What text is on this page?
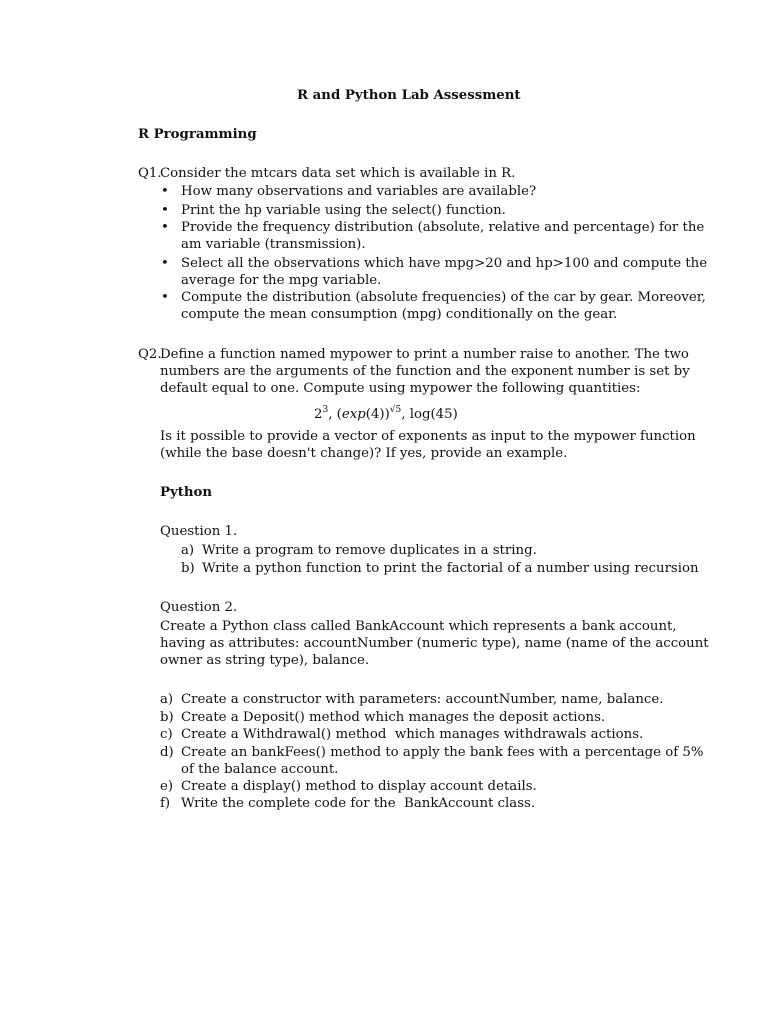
R and Python Lab Assessment
R Programming
Q1.
Consider the mtcars data set which is available in R.
• How many observations and variables are available?
• Print the hp variable using the select() function.
• Provide the frequency distribution (absolute, relative and percentage) for the
am variable (transmission).
• Select all the observations which have mpg>20 and hp>100 and compute the
average for the mpg variable.
• Compute the distribution (absolute frequencies) of the car by gear. Moreover,
compute the mean consumption (mpg) conditionally on the gear.
Q2.
Define a function named mypower to print a number raise to another. The two
numbers are the arguments of the function and the exponent number is set by
default equal to one. Compute using mypower the following quantities:
$2^3$, $(\exp(4))^{√5}$, log(45)
Is it possible to provide a vector of exponents as input to the mypower function
(while the base doesn't change)? If yes, provide an example.
Python
Question 1.
a) Write a program to remove duplicates in a string.
b) Write a python function to print the factorial of a number using recursion
Question 2.
Create a Python class called BankAccount which represents a bank account,
having as attributes: accountNumber (numeric type), name (name of the account
owner as string type), balance.
a) Create a constructor with parameters: accountNumber, name, balance.
b) Create a Deposit() method which manages the deposit actions.
c) Create a Withdrawal() method  which manages withdrawals actions.
d) Create an bankFees() method to apply the bank fees with a percentage of 5%
of the balance account.
e) Create a display() method to display account details.
f) Write the complete code for the  BankAccount class.
